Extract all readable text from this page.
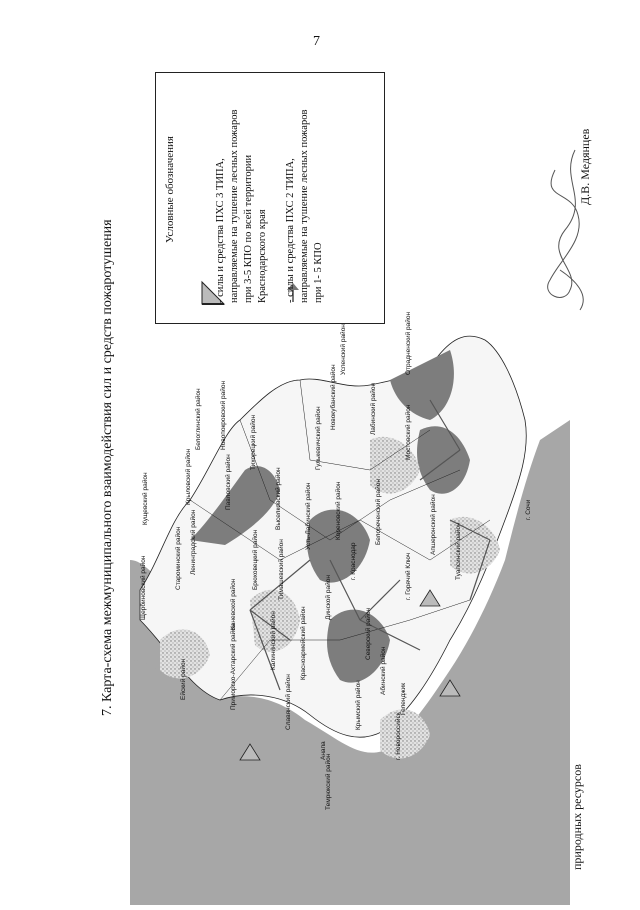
7
7. Карта-схема межмуниципального взаимодействия сил и средств пожаротушения
природных ресурсов
Д.В. Медянцев
Щербиновский район
Кущевский район
Ейский район
Староминский район Ленинградский район
Крыловский район	Павловский район
Белоглинский район	Новопокровский район	Тихорецкий район
Каневской район
Брюховецкий район
Выселковский район
Тимашевский район
Приморско-Ахтарский район	Калининский район
Славянский район
Красноармейский район
Динской район
Усть-Лабинский район	Кореновский район
Гулькевичский район
Новокубанский район
Успенский район
Лабинский район
Отрадненский район
Мостовский район
Белореченский район	Апшеронский район
Северский район
Абинский район
Крымский район
Анапа
Темрюкский район
г. Новороссийск
г. Горячий Ключ	Туапсинский район
г. Сочи
г. Краснодар
Геленджик
Условные обозначения	- силы и средства ПХС 3 ТИПА, направляемые на тушение лесных пожаров при 3-5 КПО по всей территории Краснодарского края - силы и средства ПХС 2 ТИПА, направляемые на тушение лесных пожаров при 1- 5 КПО
